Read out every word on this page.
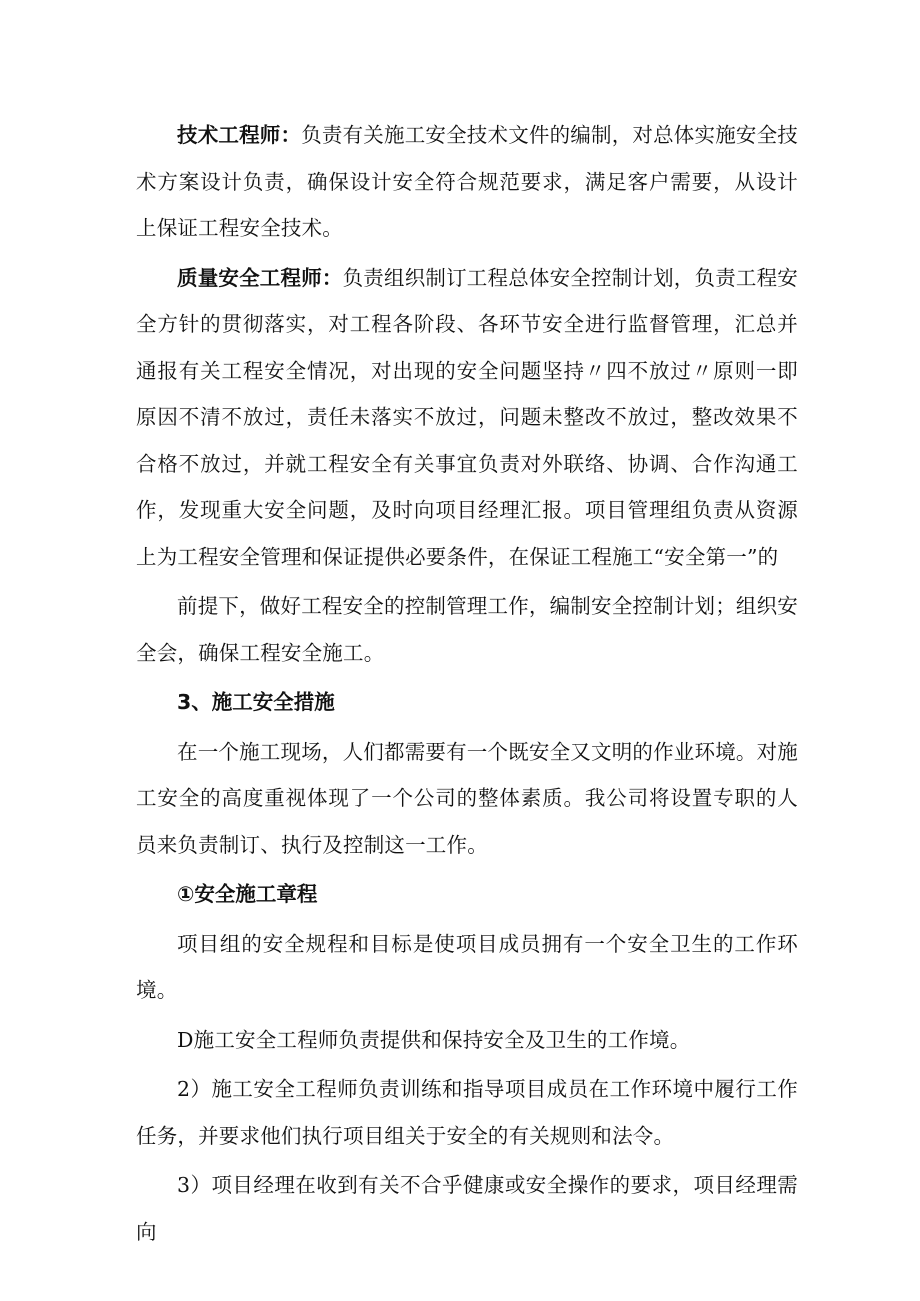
技术工程师：负责有关施工安全技术文件的编制，对总体实施安全技术方案设计负责，确保设计安全符合规范要求，满足客户需要，从设计上保证工程安全技术。

质量安全工程师：负责组织制订工程总体安全控制计划，负责工程安全方针的贯彻落实，对工程各阶段、各环节安全进行监督管理，汇总并通报有关工程安全情况，对出现的安全问题坚持〃四不放过〃原则一即原因不清不放过，责任未落实不放过，问题未整改不放过，整改效果不合格不放过，并就工程安全有关事宜负责对外联络、协调、合作沟通工作，发现重大安全问题，及时向项目经理汇报。项目管理组负责从资源上为工程安全管理和保证提供必要条件，在保证工程施工“安全第一”的

前提下，做好工程安全的控制管理工作，编制安全控制计划；组织安全会，确保工程安全施工。

3、施工安全措施

在一个施工现场，人们都需要有一个既安全又文明的作业环境。对施工安全的高度重视体现了一个公司的整体素质。我公司将设置专职的人员来负责制订、执行及控制这一工作。

①安全施工章程

项目组的安全规程和目标是使项目成员拥有一个安全卫生的工作环境。

D施工安全工程师负责提供和保持安全及卫生的工作境。

2）施工安全工程师负责训练和指导项目成员在工作环境中履行工作任务，并要求他们执行项目组关于安全的有关规则和法令。

3）项目经理在收到有关不合乎健康或安全操作的要求，项目经理需向
